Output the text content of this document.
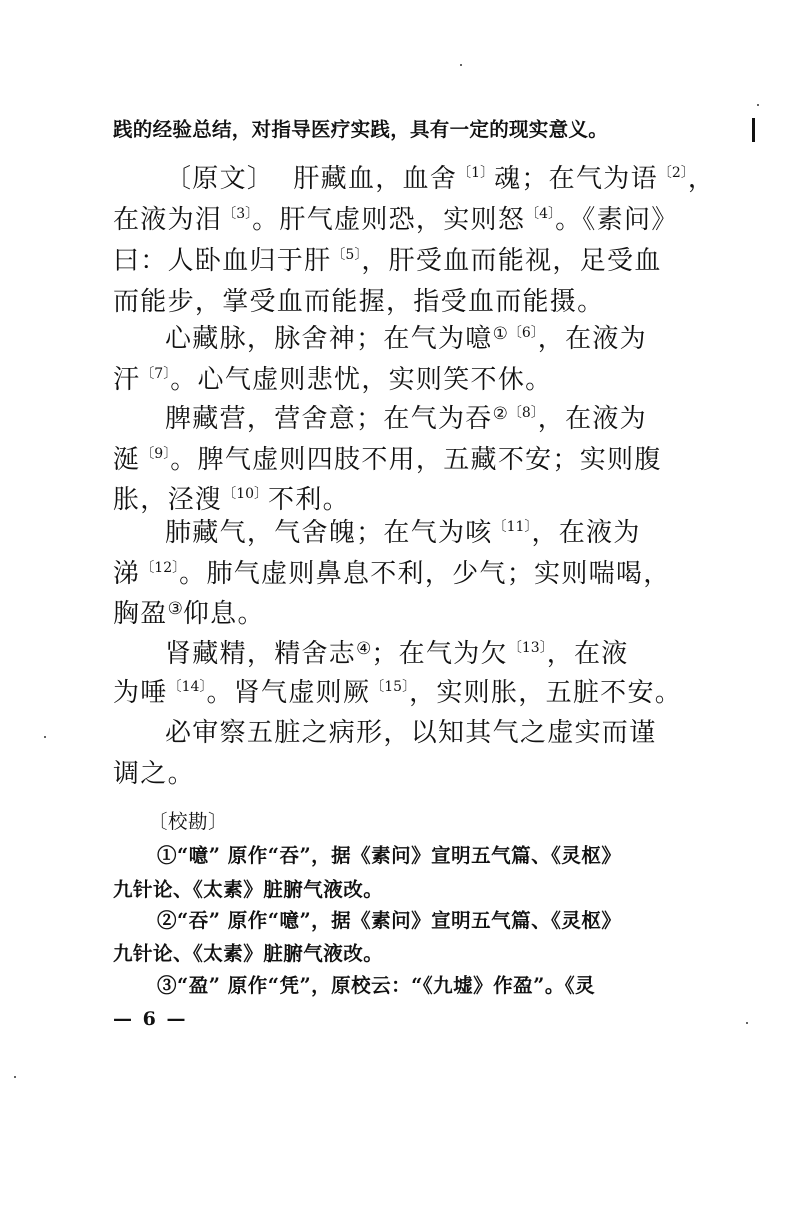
践的经验总结，对指导医疗实践，具有一定的现实意义。
〔原文〕 肝藏血，血舍$^{〔1〕}$魂；在气为语$^{〔2〕}$，
在液为泪$^{〔3〕}$。肝气虚则恐，实则怒$^{〔4〕}$。《素问》
曰：人卧血归于肝$^{〔5〕}$，肝受血而能视，足受血
而能步，掌受血而能握，指受血而能摄。
心藏脉，脉舍神；在气为噫$^{①〔6〕}$，在液为
汗$^{〔7〕}$。心气虚则悲忧，实则笑不休。
脾藏营，营舍意；在气为吞$^{②〔8〕}$，在液为
涎$^{〔9〕}$。脾气虚则四肢不用，五藏不安；实则腹
胀，泾溲$^{〔10〕}$不利。
肺藏气，气舍魄；在气为咳$^{〔11〕}$，在液为
涕$^{〔12〕}$。肺气虚则鼻息不利，少气；实则喘喝，
胸盈③仰息。
肾藏精，精舍志④；在气为欠$^{〔13〕}$，在液
为唾$^{〔14〕}$。肾气虚则厥$^{〔15〕}$，实则胀，五脏不安。
必审察五脏之病形，以知其气之虚实而谨
调之。
〔校勘〕
①“噫” 原作“吞”，据《素问》宣明五气篇、《灵枢》
九针论、《太素》脏腑气液改。
②“吞” 原作“噫”，据《素问》宣明五气篇、《灵枢》
九针论、《太素》脏腑气液改。
③“盈” 原作“凭”，原校云：“《九墟》作盈”。《灵
— 6 —
